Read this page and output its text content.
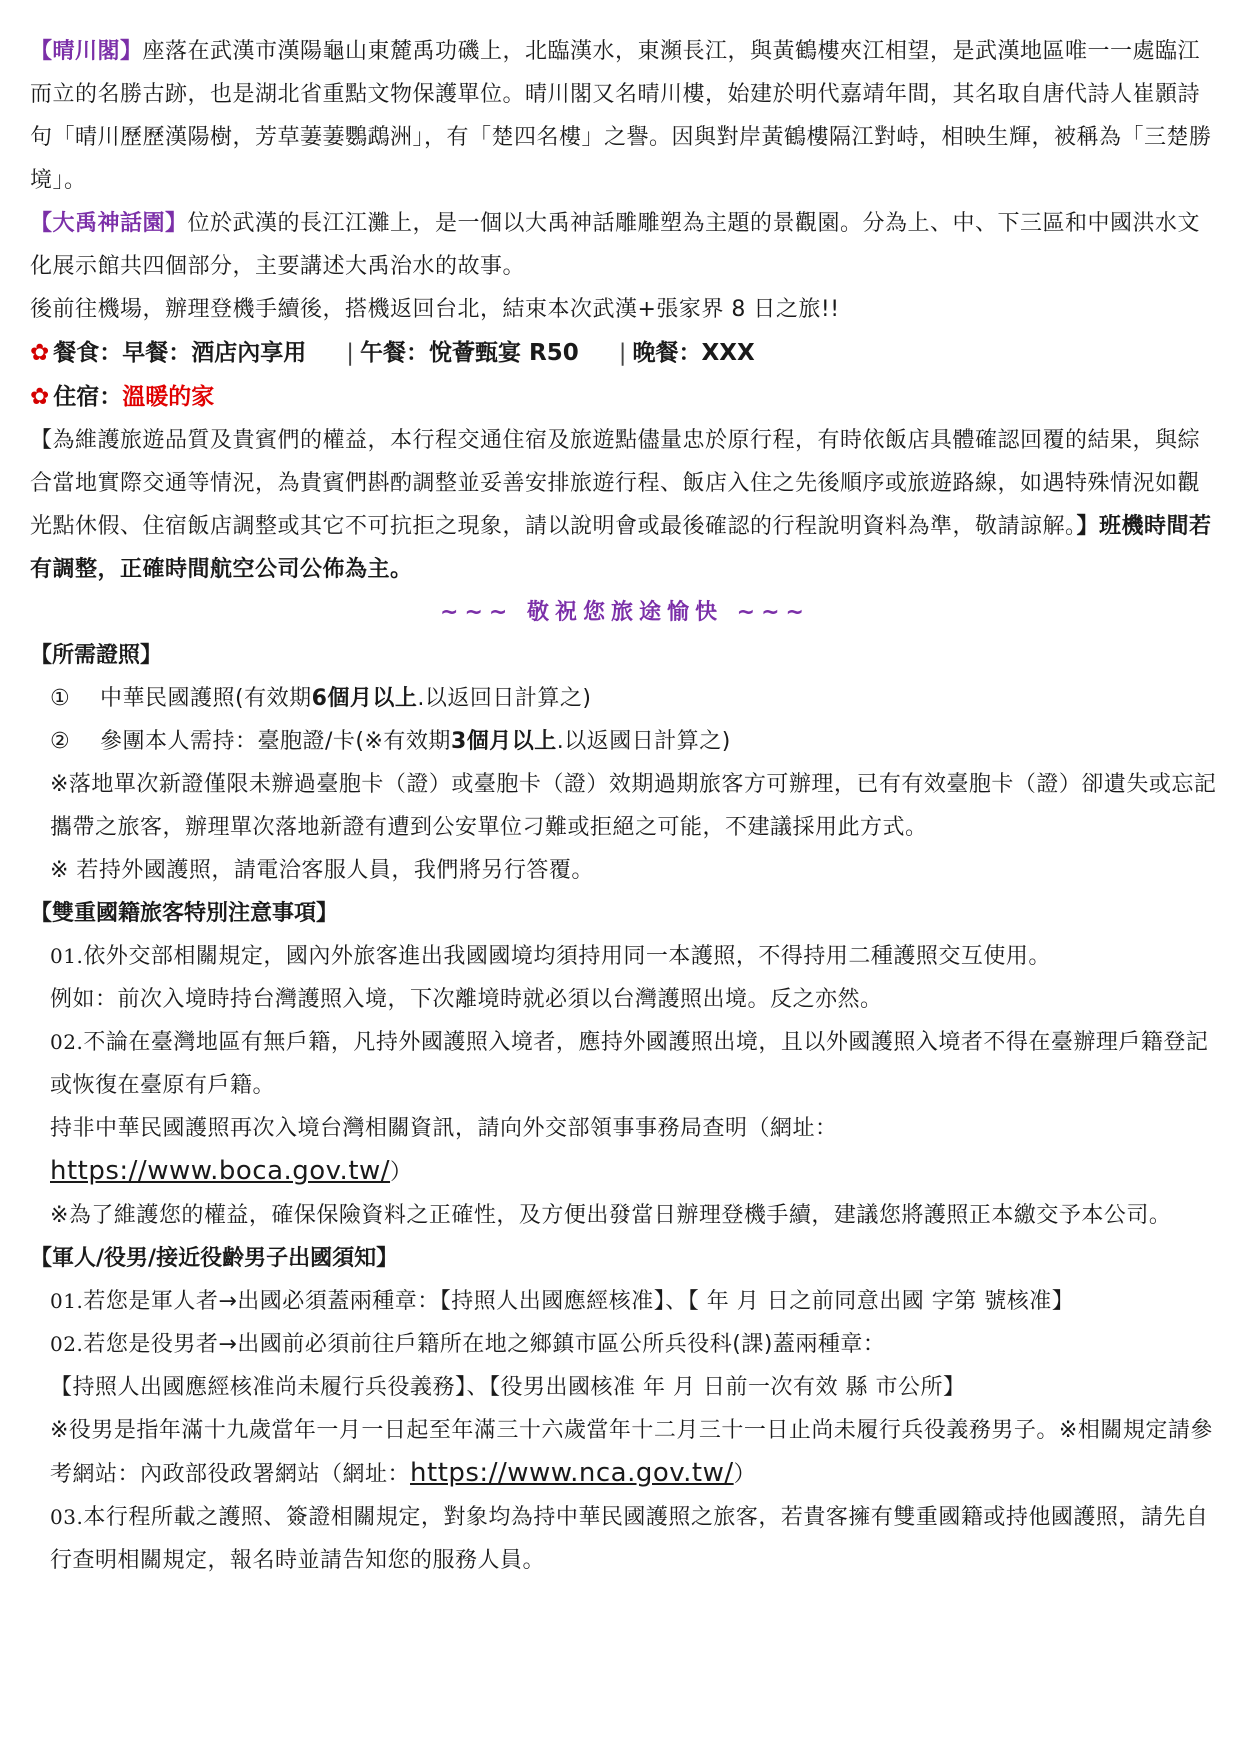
【晴川閣】座落在武漢市漢陽龜山東麓禹功磯上，北臨漢水，東瀕長江，與黃鶴樓夾江相望，是武漢地區唯一一處臨江而立的名勝古跡，也是湖北省重點文物保護單位。晴川閣又名晴川樓，始建於明代嘉靖年間，其名取自唐代詩人崔顥詩句「晴川歷歷漢陽樹，芳草萋萋鸚鵡洲」，有「楚四名樓」之譽。因與對岸黃鶴樓隔江對峙，相映生輝，被稱為「三楚勝境」。

【大禹神話園】位於武漢的長江江灘上，是一個以大禹神話雕雕塑為主題的景觀園。分為上、中、下三區和中國洪水文化展示館共四個部分，主要講述大禹治水的故事。

後前往機場，辦理登機手續後，搭機返回台北，結束本次武漢+張家界 8 日之旅!!

✿ 餐食：早餐：酒店內享用 | 午餐：悅薈甄宴 R50 | 晚餐：XXX

✿ 住宿：溫暖的家

【為維護旅遊品質及貴賓們的權益，本行程交通住宿及旅遊點儘量忠於原行程，有時依飯店具體確認回覆的結果，與綜合當地實際交通等情況，為貴賓們斟酌調整並妥善安排旅遊行程、飯店入住之先後順序或旅遊路線，如遇特殊情況如觀光點休假、住宿飯店調整或其它不可抗拒之現象，請以說明會或最後確認的行程說明資料為準，敬請諒解。】班機時間若有調整，正確時間航空公司公佈為主。

~~~ 敬祝您旅途愉快 ~~~

【所需證照】

①	中華民國護照(有效期6個月以上.以返回日計算之)
②	參團本人需持：臺胞證/卡(※有效期3個月以上.以返國日計算之)

※落地單次新證僅限未辦過臺胞卡（證）或臺胞卡（證）效期過期旅客方可辦理，已有有效臺胞卡（證）卻遺失或忘記攜帶之旅客，辦理單次落地新證有遭到公安單位刁難或拒絕之可能，不建議採用此方式。

※ 若持外國護照，請電洽客服人員，我們將另行答覆。

【雙重國籍旅客特別注意事項】

01.依外交部相關規定，國內外旅客進出我國國境均須持用同一本護照，不得持用二種護照交互使用。

例如：前次入境時持台灣護照入境，下次離境時就必須以台灣護照出境。反之亦然。

02.不論在臺灣地區有無戶籍，凡持外國護照入境者，應持外國護照出境，且以外國護照入境者不得在臺辦理戶籍登記或恢復在臺原有戶籍。

持非中華民國護照再次入境台灣相關資訊，請向外交部領事事務局查明（網址：
https://www.boca.gov.tw/）

※為了維護您的權益，確保保險資料之正確性，及方便出發當日辦理登機手續，建議您將護照正本繳交予本公司。

【軍人/役男/接近役齡男子出國須知】

01.若您是軍人者→出國必須蓋兩種章：【持照人出國應經核准】、【 年 月 日之前同意出國 字第 號核准】

02.若您是役男者→出國前必須前往戶籍所在地之鄉鎮市區公所兵役科(課)蓋兩種章：

【持照人出國應經核准尚未履行兵役義務】、【役男出國核准 年 月 日前一次有效 縣 市公所】

※役男是指年滿十九歲當年一月一日起至年滿三十六歲當年十二月三十一日止尚未履行兵役義務男子。※相關規定請參考網站：內政部役政署網站（網址：https://www.nca.gov.tw/）

03.本行程所載之護照、簽證相關規定，對象均為持中華民國護照之旅客，若貴客擁有雙重國籍或持他國護照，請先自行查明相關規定，報名時並請告知您的服務人員。
